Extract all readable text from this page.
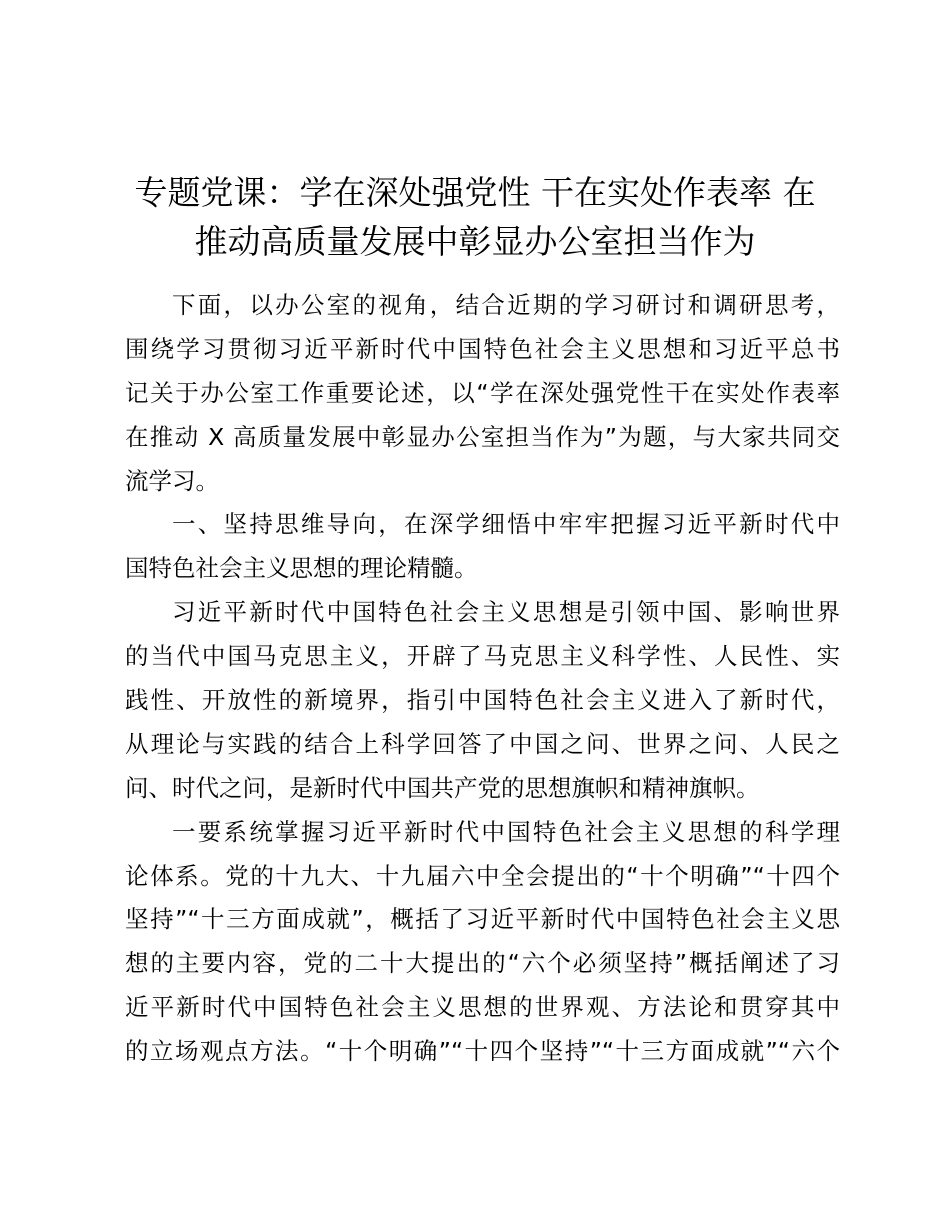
专题党课：学在深处强党性 干在实处作表率 在
推动高质量发展中彰显办公室担当作为
下面，以办公室的视角，结合近期的学习研讨和调研思考，
围绕学习贯彻习近平新时代中国特色社会主义思想和习近平总书
记关于办公室工作重要论述，以“学在深处强党性干在实处作表率
在推动 X 高质量发展中彰显办公室担当作为”为题，与大家共同交
流学习。
一、坚持思维导向，在深学细悟中牢牢把握习近平新时代中
国特色社会主义思想的理论精髓。
习近平新时代中国特色社会主义思想是引领中国、影响世界
的当代中国马克思主义，开辟了马克思主义科学性、人民性、实
践性、开放性的新境界，指引中国特色社会主义进入了新时代，
从理论与实践的结合上科学回答了中国之问、世界之问、人民之
问、时代之问，是新时代中国共产党的思想旗帜和精神旗帜。
一要系统掌握习近平新时代中国特色社会主义思想的科学理
论体系。党的十九大、十九届六中全会提出的“十个明确”“十四个
坚持”“十三方面成就”，概括了习近平新时代中国特色社会主义思
想的主要内容，党的二十大提出的“六个必须坚持”概括阐述了习
近平新时代中国特色社会主义思想的世界观、方法论和贯穿其中
的立场观点方法。“十个明确”“十四个坚持”“十三方面成就”“六个
